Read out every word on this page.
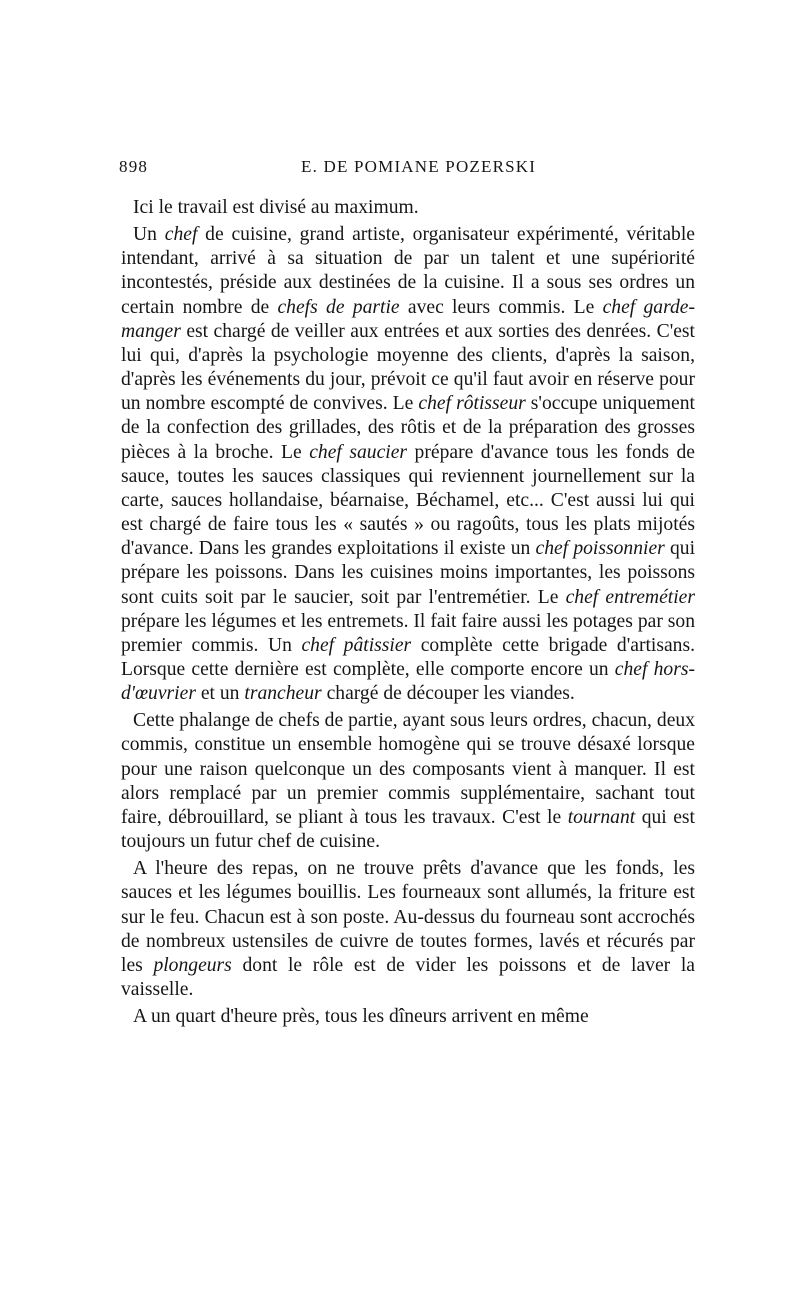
898	E. DE POMIANE POZERSKI

Ici le travail est divisé au maximum.

Un chef de cuisine, grand artiste, organisateur expérimenté, véritable intendant, arrivé à sa situation de par un talent et une supériorité incontestés, préside aux destinées de la cuisine. Il a sous ses ordres un certain nombre de chefs de partie avec leurs commis. Le chef garde-manger est chargé de veiller aux entrées et aux sorties des denrées. C'est lui qui, d'après la psychologie moyenne des clients, d'après la saison, d'après les événements du jour, prévoit ce qu'il faut avoir en réserve pour un nombre escompté de convives. Le chef rôtisseur s'occupe uniquement de la confection des grillades, des rôtis et de la préparation des grosses pièces à la broche. Le chef saucier prépare d'avance tous les fonds de sauce, toutes les sauces classiques qui reviennent journellement sur la carte, sauces hollandaise, béarnaise, Béchamel, etc... C'est aussi lui qui est chargé de faire tous les « sautés » ou ragoûts, tous les plats mijotés d'avance. Dans les grandes exploitations il existe un chef poissonnier qui prépare les poissons. Dans les cuisines moins importantes, les poissons sont cuits soit par le saucier, soit par l'entremétier. Le chef entremétier prépare les légumes et les entremets. Il fait faire aussi les potages par son premier commis. Un chef pâtissier complète cette brigade d'artisans. Lorsque cette dernière est complète, elle comporte encore un chef hors-d'œuvrier et un trancheur chargé de découper les viandes.

Cette phalange de chefs de partie, ayant sous leurs ordres, chacun, deux commis, constitue un ensemble homogène qui se trouve désaxé lorsque pour une raison quelconque un des composants vient à manquer. Il est alors remplacé par un premier commis supplémentaire, sachant tout faire, débrouillard, se pliant à tous les travaux. C'est le tournant qui est toujours un futur chef de cuisine.

A l'heure des repas, on ne trouve prêts d'avance que les fonds, les sauces et les légumes bouillis. Les fourneaux sont allumés, la friture est sur le feu. Chacun est à son poste. Au-dessus du fourneau sont accrochés de nombreux ustensiles de cuivre de toutes formes, lavés et récurés par les plongeurs dont le rôle est de vider les poissons et de laver la vaisselle.

A un quart d'heure près, tous les dîneurs arrivent en même
